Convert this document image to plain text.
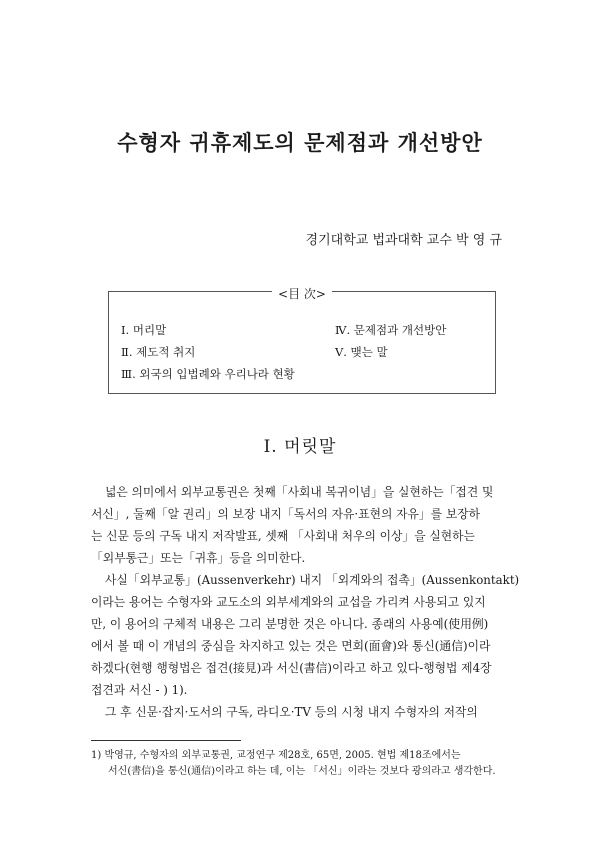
수형자 귀휴제도의 문제점과 개선방안
경기대학교 법과대학 교수 박 영 규
<目 次>
Ⅰ. 머리말	Ⅳ. 문제점과 개선방안
Ⅱ. 제도적 취지	Ⅴ. 맺는 말
Ⅲ. 외국의 입법례와 우리나라 현황
Ⅰ. 머릿말
넓은 의미에서 외부교통권은 첫째「사회내 복귀이념」을 실현하는「접견 및
서신」, 둘째「알 권리」의 보장 내지「독서의 자유·표현의 자유」를 보장하
는 신문 등의 구독 내지 저작발표, 셋째 「사회내 처우의 이상」을 실현하는
「외부통근」또는「귀휴」등을 의미한다.
사실「외부교통」(Aussenverkehr) 내지 「외계와의 접촉」(Aussenkontakt)
이라는 용어는 수형자와 교도소의 외부세계와의 교섭을 가리켜 사용되고 있지
만, 이 용어의 구체적 내용은 그리 분명한 것은 아니다. 종래의 사용예(使用例)
에서 볼 때 이 개념의 중심을 차지하고 있는 것은 면회(面會)와 통신(通信)이라
하겠다(현행 행형법은 접견(接見)과 서신(書信)이라고 하고 있다-행형법 제4장
접견과 서신 - ) 1).
그 후 신문·잡지·도서의 구독, 라디오·TV 등의 시청 내지 수형자의 저작의
1) 박영규, 수형자의 외부교통권, 교정연구 제28호, 65면, 2005. 현법 제18조에서는
서신(書信)을 통신(通信)이라고 하는 데, 이는 「서신」이라는 것보다 광의라고 생각한다.
